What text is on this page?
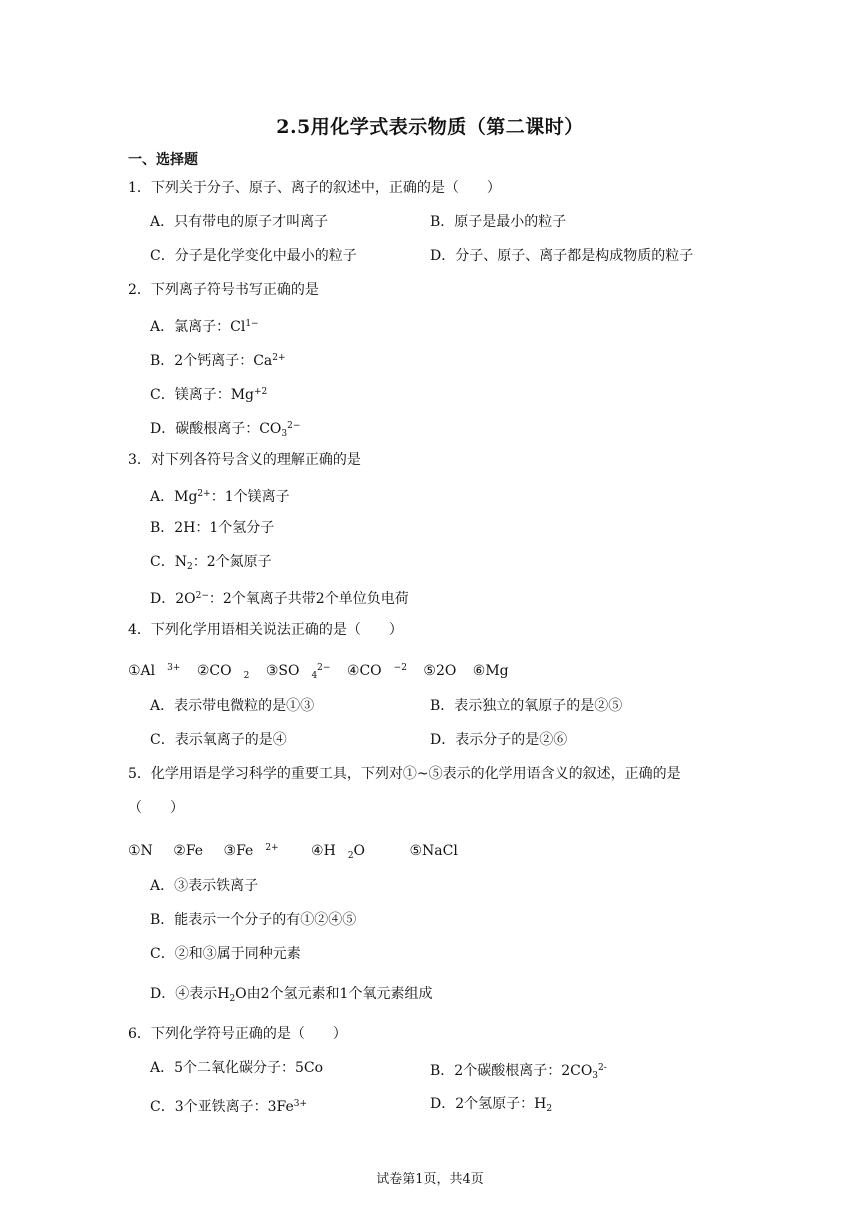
2.5用化学式表示物质（第二课时）
一、选择题
1．下列关于分子、原子、离子的叙述中，正确的是（　　）
A．只有带电的原子才叫离子	B．原子是最小的粒子
C．分子是化学变化中最小的粒子	D．分子、原子、离子都是构成物质的粒子
2．下列离子符号书写正确的是
A．氯离子：$Cl^{1-}$
B．2个钙离子：$Ca^{2+}$
C．镁离子：$Mg^{+2}$
D．碳酸根离子：$CO_3^{2-}$
3．对下列各符号含义的理解正确的是
A．$Mg^{2+}$：1个镁离子
B．2H：1个氢分子
C．$N_2$：2个氮原子
D．$2O^{2-}$：2个氧离子共带2个单位负电荷
4．下列化学用语相关说法正确的是（　　）
①Al $^{3+}$ ②CO $_2$ ③SO $_4^{2-}$ ④CO $^{-2}$ ⑤2O ⑥Mg
A．表示带电微粒的是①③	B．表示独立的氧原子的是②⑤
C．表示氧离子的是④	D．表示分子的是②⑥
5．化学用语是学习科学的重要工具，下列对①~⑤表示的化学用语含义的叙述，正确的是
（　　）
①N ②Fe ③Fe $^{2+}$ ④H $_2$O	⑤NaCl
A．③表示铁离子
B．能表示一个分子的有①②④⑤
C．②和③属于同种元素
D．④表示$H_2O$由2个氢元素和1个氧元素组成
6．下列化学符号正确的是（　　）
A．5个二氧化碳分子：5Co	B．2个碳酸根离子：$2CO_3^{2-}$
C．3个亚铁离子：$3Fe^{3+}$	D．2个氢原子：$H_2$
试卷第1页，共4页
